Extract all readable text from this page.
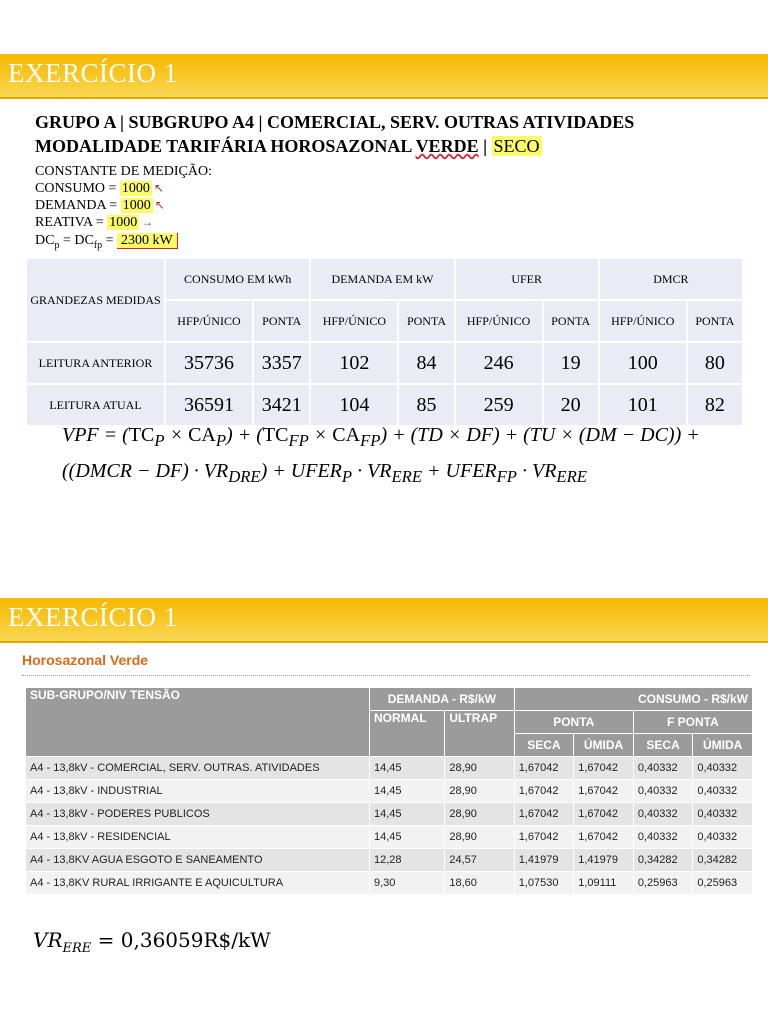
EXERCÍCIO 1
GRUPO A | SUBGRUPO A4 | COMERCIAL, SERV. OUTRAS ATIVIDADES
MODALIDADE TARIFÁRIA HOROSAZONAL VERDE | SECO
CONSTANTE DE MEDIÇÃO:
CONSUMO = 1000 ↖
DEMANDA = 1000 ↖
REATIVA = 1000 →
$DC_p = DC_{fp} = 2300$ kW
GRANDEZAS MEDIDAS	CONSUMO EM kWh		DEMANDA EM kW		UFER		DMCR	
	HFP/ÚNICO	PONTA	HFP/ÚNICO	PONTA	HFP/ÚNICO	PONTA	HFP/ÚNICO	PONTA
LEITURA ANTERIOR	35736	3357	102	84	246	19	100	80
LEITURA ATUAL	36591	3421	104	85	259	20	101	82
VPF = $(TC_P \times CA_P) + (TC_{FP} \times CA_{FP}) + (TD \times DF) + (TU \times (DM - DC))$ +
((DMCR − $DF) \cdot VR_{DRE}$) + $UFER_P \cdot VR_{ERE}$ + $UFER_{FP} \cdot VR_{ERE}$
EXERCÍCIO 1
Horosazonal Verde
SUB-GRUPO/NIV TENSÃO	DEMANDA - R$/kW		CONSUMO - R$/kW			
	NORMAL	ULTRAP	PONTA		F PONTA	
			SECA	ÚMIDA	SECA	ÚMIDA
A4 - 13,8kV - COMERCIAL, SERV. OUTRAS. ATIVIDADES	14,45	28,90	1,67042	1,67042	0,40332	0,40332
A4 - 13,8kV - INDUSTRIAL	14,45	28,90	1,67042	1,67042	0,40332	0,40332
A4 - 13,8kV - PODERES PUBLICOS	14,45	28,90	1,67042	1,67042	0,40332	0,40332
A4 - 13,8kV - RESIDENCIAL	14,45	28,90	1,67042	1,67042	0,40332	0,40332
A4 - 13,8KV AGUA ESGOTO E SANEAMENTO	12,28	24,57	1,41979	1,41979	0,34282	0,34282
A4 - 13,8KV RURAL IRRIGANTE E AQUICULTURA	9,30	18,60	1,07530	1,09111	0,25963	0,25963
$VR_{ERE}$ = 0,36059R$/kW
